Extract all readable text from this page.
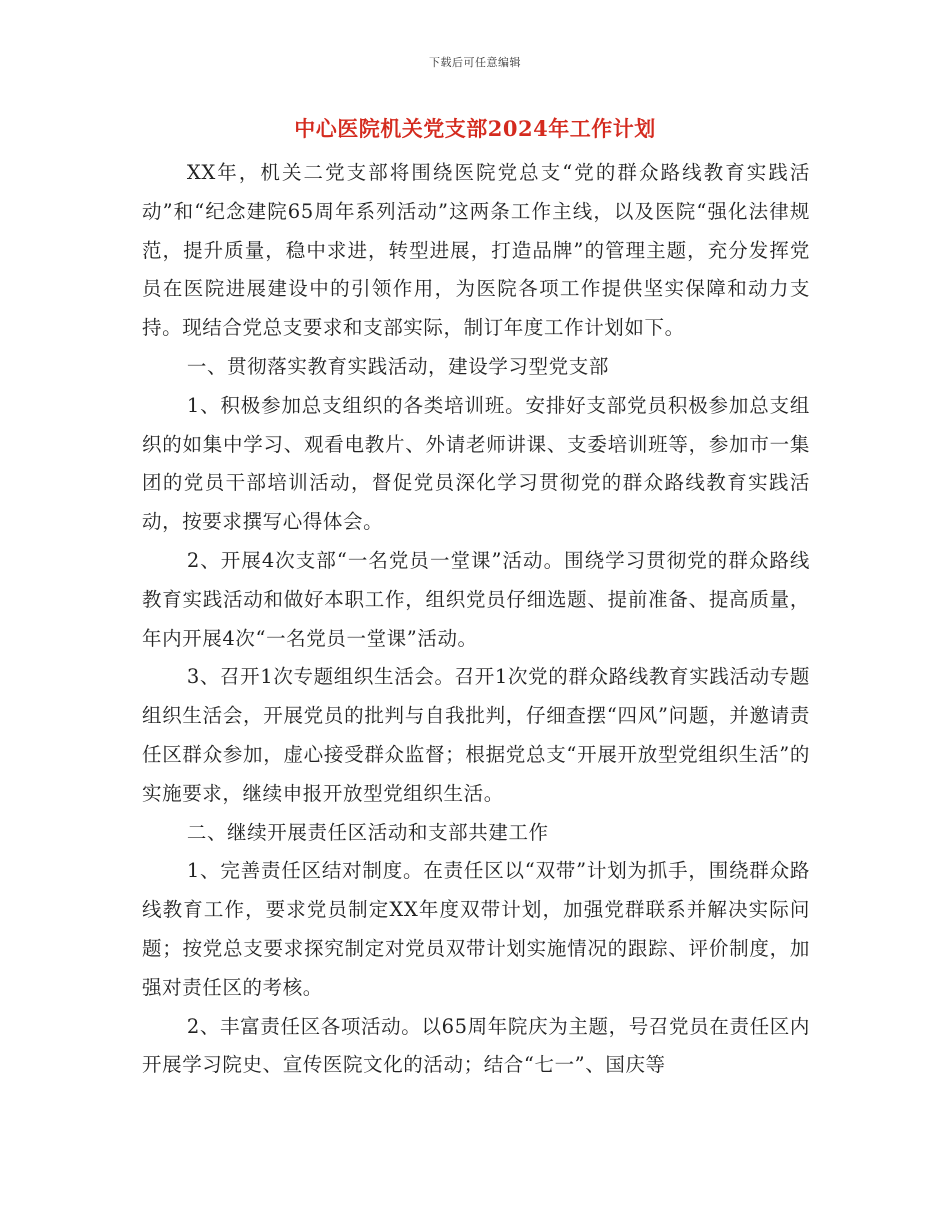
下载后可任意编辑
中心医院机关党支部2024年工作计划

XX年，机关二党支部将围绕医院党总支“党的群众路线教育实践活动”和“纪念建院65周年系列活动”这两条工作主线，以及医院“强化法律规范，提升质量，稳中求进，转型进展，打造品牌”的管理主题，充分发挥党员在医院进展建设中的引领作用，为医院各项工作提供坚实保障和动力支持。现结合党总支要求和支部实际，制订年度工作计划如下。

一、贯彻落实教育实践活动，建设学习型党支部

1、积极参加总支组织的各类培训班。安排好支部党员积极参加总支组织的如集中学习、观看电教片、外请老师讲课、支委培训班等，参加市一集团的党员干部培训活动，督促党员深化学习贯彻党的群众路线教育实践活动，按要求撰写心得体会。

2、开展4次支部“一名党员一堂课”活动。围绕学习贯彻党的群众路线教育实践活动和做好本职工作，组织党员仔细选题、提前准备、提高质量，年内开展4次“一名党员一堂课”活动。

3、召开1次专题组织生活会。召开1次党的群众路线教育实践活动专题组织生活会，开展党员的批判与自我批判，仔细查摆“四风”问题，并邀请责任区群众参加，虚心接受群众监督；根据党总支“开展开放型党组织生活”的实施要求，继续申报开放型党组织生活。

二、继续开展责任区活动和支部共建工作

1、完善责任区结对制度。在责任区以“双带”计划为抓手，围绕群众路线教育工作，要求党员制定XX年度双带计划，加强党群联系并解决实际问题；按党总支要求探究制定对党员双带计划实施情况的跟踪、评价制度，加强对责任区的考核。

2、丰富责任区各项活动。以65周年院庆为主题，号召党员在责任区内开展学习院史、宣传医院文化的活动；结合“七一”、国庆等
